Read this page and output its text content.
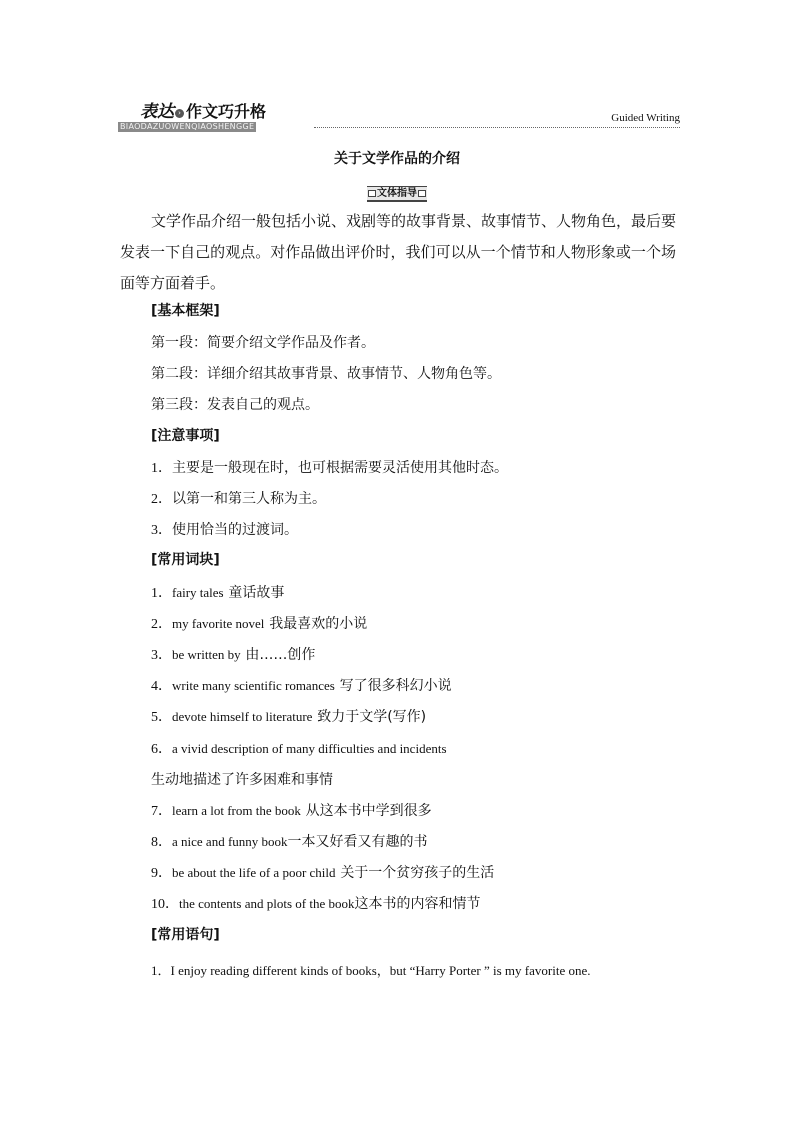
表达 › 作文巧升格
BIAODAZUOWENQIAOSHENGGE
Guided Writing
关于文学作品的介绍
文体指导

文学作品介绍一般包括小说、戏剧等的故事背景、故事情节、人物角色，最后要发表一下自己的观点。对作品做出评价时，我们可以从一个情节和人物形象或一个场面等方面着手。

[基本框架]
第一段：简要介绍文学作品及作者。
第二段：详细介绍其故事背景、故事情节、人物角色等。
第三段：发表自己的观点。
[注意事项]
1．主要是一般现在时，也可根据需要灵活使用其他时态。
2．以第一和第三人称为主。
3．使用恰当的过渡词。
[常用词块]
1．fairy tales 童话故事
2．my favorite novel 我最喜欢的小说
3．be written by 由……创作
4．write many scientific romances 写了很多科幻小说
5．devote himself to literature 致力于文学(写作)
6．a vivid description of many difficulties and incidents
生动地描述了许多困难和事情
7．learn a lot from the book 从这本书中学到很多
8．a nice and funny book一本又好看又有趣的书
9．be about the life of a poor child 关于一个贫穷孩子的生活
10．the contents and plots of the book这本书的内容和情节
[常用语句]

1．I enjoy reading different kinds of books，but “Harry Porter ” is my favorite one.
